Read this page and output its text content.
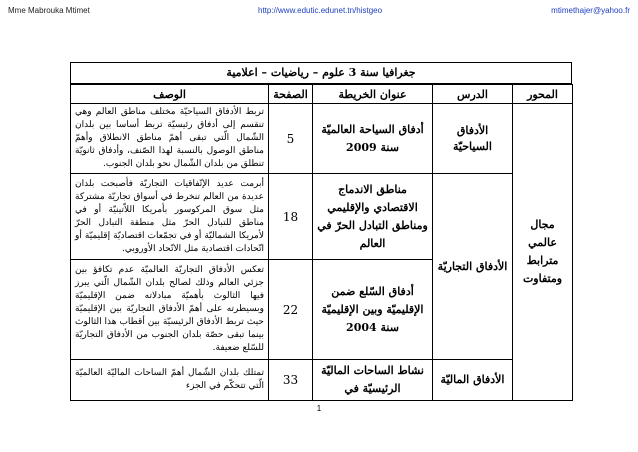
Mme Mabrouka Mtimet	http://www.edutic.edunet.tn/histgeo	mtimethajer@yahoo.fr
جغرافيا سنة 3 علوم – رياضيات – اعلامية
المحور	الدرس	عنوان الخريطة	الصفحة	الوصف
مجال عالمي مترابط ومتفاوت	الأدفاق السياحيّة	أدفاق السياحة العالميّة سنة 2009	5	تربط الأدفاق السياحيّة مختلف مناطق العالم وهي تنقسم إلى أدفاق رئيسيّة تربط أساسا بين بلدان الشّمال الّتي تبقى أهمّ مناطق الانطلاق وأهمّ مناطق الوصول بالنسبة لهذا الصّنف، وأدفاق ثانويّة تنطلق من بلدان الشّمال نحو بلدان الجنوب.
	الأدفاق التجاريّة	مناطق الاندماج الاقتصادي والإقليمي ومناطق التبادل الحرّ في العالم	18	أبرمت عديد الإتّفاقيات التجاريّة فأصبحت بلدان عديدة من العالم تنخرط في أسواق تجاريّة مشتركة مثل سوق المركوسور بأمريكا اللاّتينيّة أو في مناطق للتبادل الحرّ مثل منطقة التبادل الحرّ لأمريكا الشماليّة أو في تجمّعات اقتصاديّة إقليميّة أو اتّحادات اقتصادية مثل الاتّحاد الأوروبي.
		أدفاق السّلع ضمن الإقليميّة وبين الإقليميّة سنة 2004	22	تعكس الأدفاق التجاريّة العالميّة عدم تكافؤ بين جزئي العالم وذلك لصالح بلدان الشّمال الّتي يبرز فيها الثالوث بأهميّة مبادلاته ضمن الإقليميّة وبسيطرته على أهمّ الأدفاق التجاريّة بين الإقليميّة حيث تربط الأدفاق الرئيسيّة بين أقطاب هذا الثالوث بينما تبقى حصّة بلدان الجنوب من الأدفاق التجاريّة للسّلع ضعيفة.
	الأدفاق الماليّة	نشاط الساحات الماليّة الرئيسيّة في	33	تمتلك بلدان الشّمال أهمّ الساحات الماليّة العالميّة الّتي تتحكّم في الجزء
1
